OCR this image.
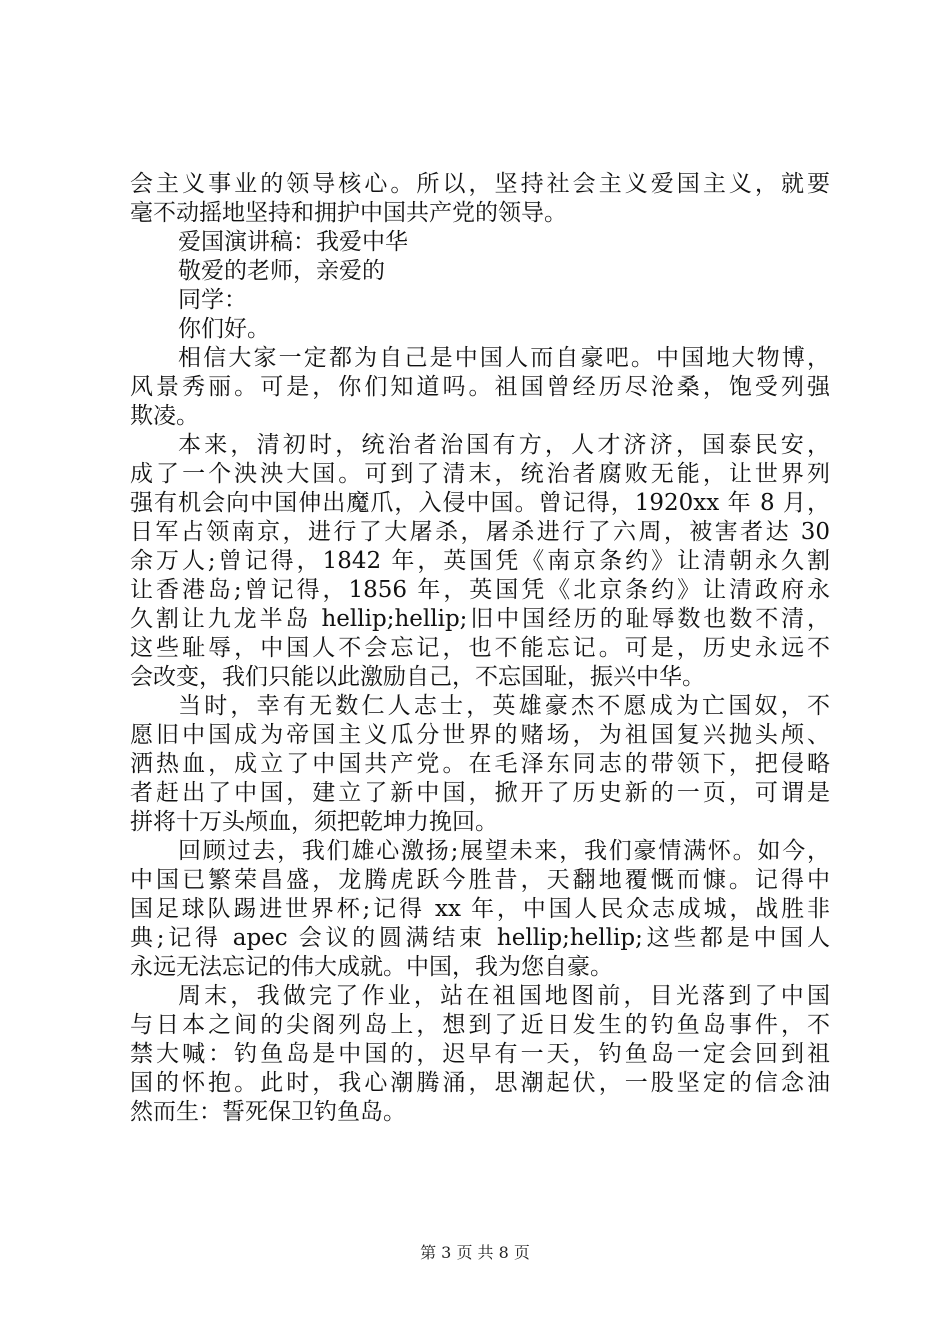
会主义事业的领导核心。所以，坚持社会主义爱国主义，就要
毫不动摇地坚持和拥护中国共产党的领导。
爱国演讲稿：我爱中华
敬爱的老师，亲爱的
同学：
你们好。
相信大家一定都为自己是中国人而自豪吧。中国地大物博，
风景秀丽。可是，你们知道吗。祖国曾经历尽沧桑，饱受列强
欺凌。
本来，清初时，统治者治国有方，人才济济，国泰民安，
成了一个泱泱大国。可到了清末，统治者腐败无能，让世界列
强有机会向中国伸出魔爪，入侵中国。曾记得，1920xx 年 8 月，
日军占领南京，进行了大屠杀，屠杀进行了六周，被害者达 30
余万人;曾记得，1842 年，英国凭《南京条约》让清朝永久割
让香港岛;曾记得，1856 年，英国凭《北京条约》让清政府永
久割让九龙半岛 hellip;hellip;旧中国经历的耻辱数也数不清，
这些耻辱，中国人不会忘记，也不能忘记。可是，历史永远不
会改变，我们只能以此激励自己，不忘国耻，振兴中华。
当时，幸有无数仁人志士，英雄豪杰不愿成为亡国奴，不
愿旧中国成为帝国主义瓜分世界的赌场，为祖国复兴抛头颅、
洒热血，成立了中国共产党。在毛泽东同志的带领下，把侵略
者赶出了中国，建立了新中国，掀开了历史新的一页，可谓是
拼将十万头颅血，须把乾坤力挽回。
回顾过去，我们雄心激扬;展望未来，我们豪情满怀。如今，
中国已繁荣昌盛，龙腾虎跃今胜昔，天翻地覆慨而慷。记得中
国足球队踢进世界杯;记得 xx 年，中国人民众志成城，战胜非
典;记得 apec 会议的圆满结束 hellip;hellip;这些都是中国人
永远无法忘记的伟大成就。中国，我为您自豪。
周末，我做完了作业，站在祖国地图前，目光落到了中国
与日本之间的尖阁列岛上，想到了近日发生的钓鱼岛事件，不
禁大喊：钓鱼岛是中国的，迟早有一天，钓鱼岛一定会回到祖
国的怀抱。此时，我心潮腾涌，思潮起伏，一股坚定的信念油
然而生：誓死保卫钓鱼岛。
第 3 页 共 8 页
